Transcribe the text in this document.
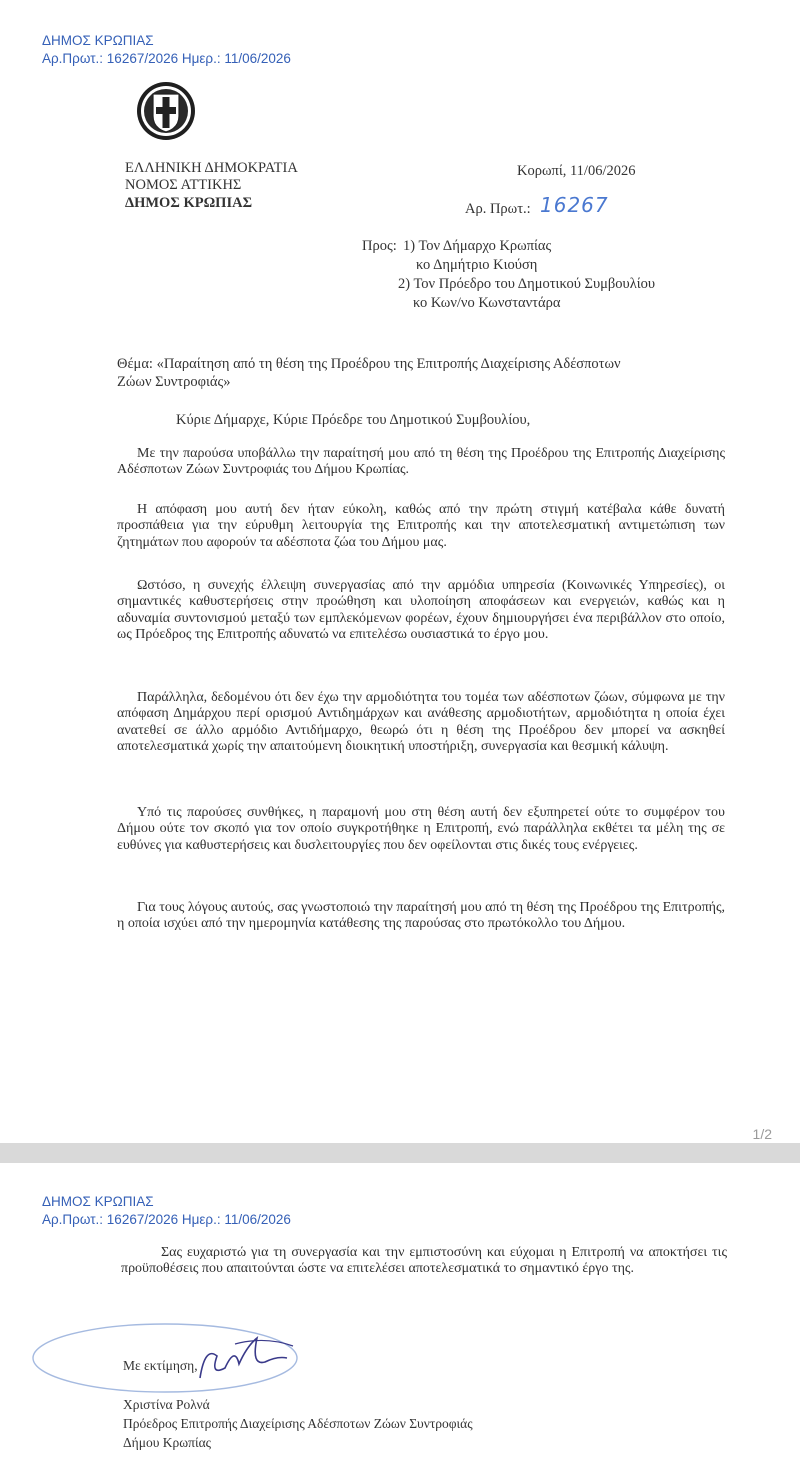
ΔΗΜΟΣ ΚΡΩΠΙΑΣ
Αρ.Πρωτ.: 16267/2026 Ημερ.: 11/06/2026
ΕΛΛΗΝΙΚΗ ΔΗΜΟΚΡΑΤΙΑ
ΝΟΜΟΣ ΑΤΤΙΚΗΣ
ΔΗΜΟΣ ΚΡΩΠΙΑΣ
Κορωπί, 11/06/2026
Αρ. Πρωτ.: 16267
Προς: 1) Τον Δήμαρχο Κρωπίας
κο Δημήτριο Κιούση
2) Τον Πρόεδρο του Δημοτικού Συμβουλίου
κο Κων/νο Κωνσταντάρα
Θέμα: «Παραίτηση από τη θέση της Προέδρου της Επιτροπής Διαχείρισης Αδέσποτων
Ζώων Συντροφιάς»
Κύριε Δήμαρχε, Κύριε Πρόεδρε του Δημοτικού Συμβουλίου,

Με την παρούσα υποβάλλω την παραίτησή μου από τη θέση της Προέδρου της Επιτροπής Διαχείρισης Αδέσποτων Ζώων Συντροφιάς του Δήμου Κρωπίας.

Η απόφαση μου αυτή δεν ήταν εύκολη, καθώς από την πρώτη στιγμή κατέβαλα κάθε δυνατή προσπάθεια για την εύρυθμη λειτουργία της Επιτροπής και την αποτελεσματική αντιμετώπιση των ζητημάτων που αφορούν τα αδέσποτα ζώα του Δήμου μας.

Ωστόσο, η συνεχής έλλειψη συνεργασίας από την αρμόδια υπηρεσία (Κοινωνικές Υπηρεσίες), οι σημαντικές καθυστερήσεις στην προώθηση και υλοποίηση αποφάσεων και ενεργειών, καθώς και η αδυναμία συντονισμού μεταξύ των εμπλεκόμενων φορέων, έχουν δημιουργήσει ένα περιβάλλον στο οποίο, ως Πρόεδρος της Επιτροπής αδυνατώ να επιτελέσω ουσιαστικά το έργο μου.

Παράλληλα, δεδομένου ότι δεν έχω την αρμοδιότητα του τομέα των αδέσποτων ζώων, σύμφωνα με την απόφαση Δημάρχου περί ορισμού Αντιδημάρχων και ανάθεσης αρμοδιοτήτων, αρμοδιότητα η οποία έχει ανατεθεί σε άλλο αρμόδιο Αντιδήμαρχο, θεωρώ ότι η θέση της Προέδρου δεν μπορεί να ασκηθεί αποτελεσματικά χωρίς την απαιτούμενη διοικητική υποστήριξη, συνεργασία και θεσμική κάλυψη.

Υπό τις παρούσες συνθήκες, η παραμονή μου στη θέση αυτή δεν εξυπηρετεί ούτε το συμφέρον του Δήμου ούτε τον σκοπό για τον οποίο συγκροτήθηκε η Επιτροπή, ενώ παράλληλα εκθέτει τα μέλη της σε ευθύνες για καθυστερήσεις και δυσλειτουργίες που δεν οφείλονται στις δικές τους ενέργειες.

Για τους λόγους αυτούς, σας γνωστοποιώ την παραίτησή μου από τη θέση της Προέδρου της Επιτροπής, η οποία ισχύει από την ημερομηνία κατάθεσης της παρούσας στο πρωτόκολλο του Δήμου.

1/2
ΔΗΜΟΣ ΚΡΩΠΙΑΣ
Αρ.Πρωτ.: 16267/2026 Ημερ.: 11/06/2026

Σας ευχαριστώ για τη συνεργασία και την εμπιστοσύνη και εύχομαι η Επιτροπή να αποκτήσει τις προϋποθέσεις που απαιτούνται ώστε να επιτελέσει αποτελεσματικά το σημαντικό έργο της.

Με εκτίμηση,
Χριστίνα Ρολνά
Πρόεδρος Επιτροπής Διαχείρισης Αδέσποτων Ζώων Συντροφιάς
Δήμου Κρωπίας
